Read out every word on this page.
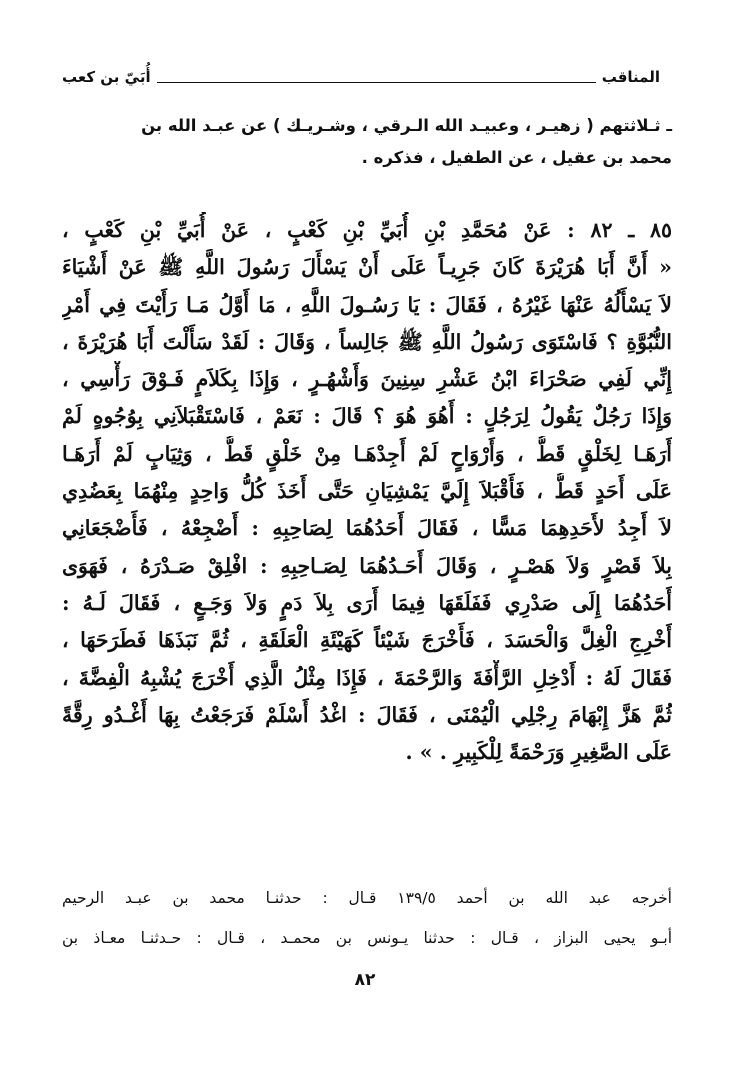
المناقب
أُبَيّ بن كعب

ـ ثـلاثتهم ( زهيـر ، وعبيـد الله الـرقي ، وشـريـك ) عن عبـد الله بن

محمد بن عقيل ، عن الطفيل ، فذكره .

٨٥ ـ ٨٢ : عَنْ مُحَمَّدِ بْنِ أُبَيِّ بْنِ كَعْبٍ ، عَنْ أُبَيِّ بْنِ كَعْبٍ ،
« أَنَّ أَبَا هُرَيْرَةَ كَانَ جَرِيـاً عَلَى أَنْ يَسْأَلَ رَسُولَ اللَّهِ ﷺ عَنْ أَشْيَاءَ
لاَ يَسْأَلُهُ عَنْهَا غَيْرُهُ ، فَقَالَ : يَا رَسُـولَ اللَّهِ ، مَا أَوَّلُ مَـا رَأَيْتَ فِي أَمْرِ
النُّبُوَّةِ ؟ فَاسْتَوَى رَسُولُ اللَّهِ ﷺ جَالِساً ، وَقَالَ : لَقَدْ سَأَلْتَ أَبَا هُرَيْرَةَ ،
إِنِّي لَفِي صَحْرَاءَ ابْنُ عَشْرِ سِنِينَ وَأَشْهُـرٍ ، وَإِذَا بِكَلاَمٍ فَـوْقَ رَأْسِي ،
وَإِذَا رَجُلٌ يَقُولُ لِرَجُلٍ : أَهُوَ هُوَ ؟ قَالَ : نَعَمْ ، فَاسْتَقْبَلاَنِي بِوُجُوهٍ لَمْ
أَرَهَـا لِخَلْقٍ قَطُّ ، وَأَرْوَاحٍ لَمْ أَجِدْهَـا مِنْ خَلْقٍ قَطُّ ، وَثِيَابٍ لَمْ أَرَهَـا
عَلَى أَحَدٍ قَطُّ ، فَأَقْبَلاَ إِلَيَّ يَمْشِيَانِ حَتَّى أَخَذَ كُلُّ وَاحِدٍ مِنْهُمَا بِعَضُدِي
لاَ أَجِدُ لأَحَدِهِمَا مَسًّا ، فَقَالَ أَحَدُهُمَا لِصَاحِبِهِ : أَضْجِعْهُ ، فَأَضْجَعَانِي
بِلاَ قَصْرٍ وَلاَ هَصْـرٍ ، وَقَالَ أَحَـدُهُمَا لِصَـاحِبِهِ : افْلِقْ صَـدْرَهُ ، فَهَوَى
أَحَدُهُمَا إِلَى صَدْرِي فَفَلَقَهَا فِيمَا أَرَى بِلاَ دَمٍ وَلاَ وَجَـعٍ ، فَقَالَ لَـهُ :
أَخْرِجِ الْغِلَّ وَالْحَسَدَ ، فَأَخْرَجَ شَيْئاً كَهَيْئَةِ الْعَلَقَةِ ، ثُمَّ نَبَذَهَا فَطَرَحَهَا ،
فَقَالَ لَهُ : أَدْخِلِ الرَّأْفَةَ وَالرَّحْمَةَ ، فَإِذَا مِثْلُ الَّذِي أَخْرَجَ يُشْبِهُ الْفِضَّةَ ،
ثُمَّ هَزَّ إِبْهَامَ رِجْلِي الْيُمْنَى ، فَقَالَ : اغْدُ أَسْلَمْ فَرَجَعْتُ بِهَا أَغْـدُو رِقَّةً
عَلَى الصَّغِيرِ وَرَحْمَةً لِلْكَبِيرِ . » .
أخرجه عبد الله بن أحمد ١٣٩/٥ قـال : حدثنـا محمد بن عبـد الرحيم
أبـو يحيى البزاز ، قـال : حدثنا يـونس بن محمـد ، قـال : حـدثنـا معـاذ بن
٨٢
